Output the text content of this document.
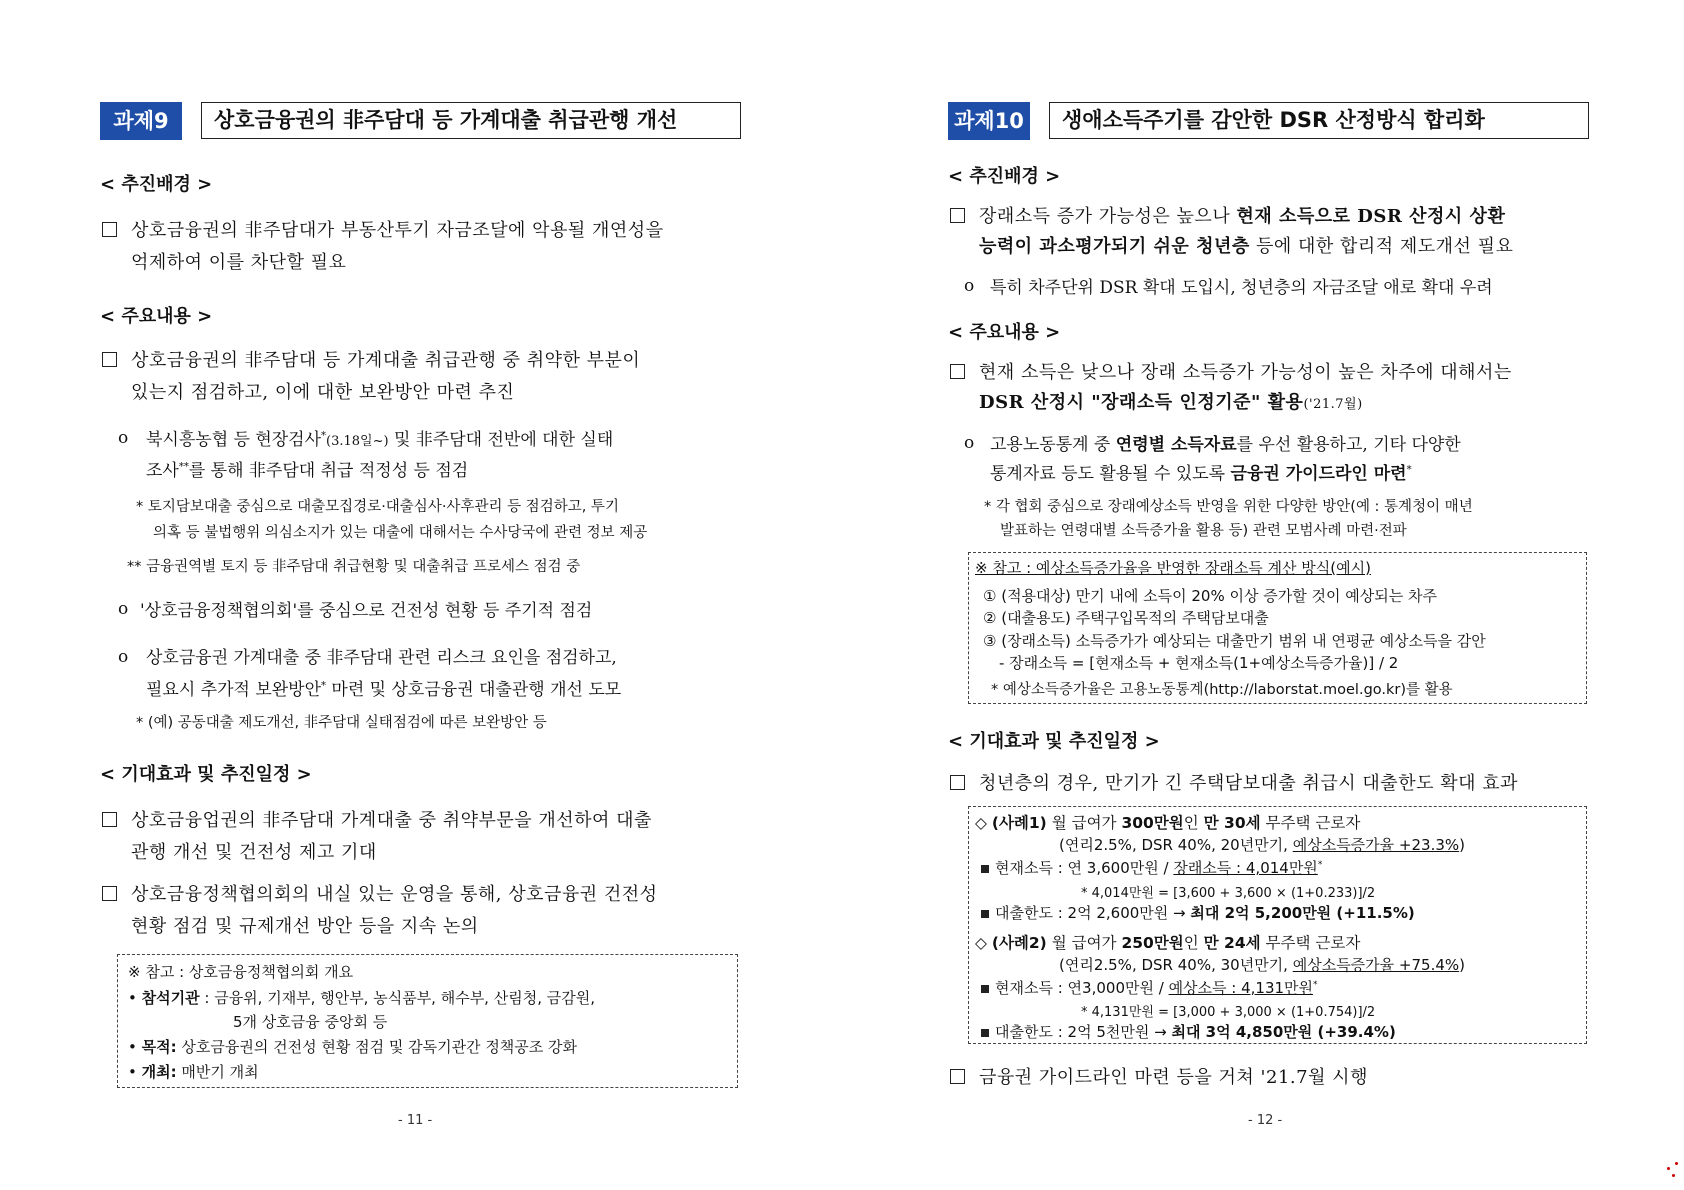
과제9	상호금융권의 非주담대 등 가계대출 취급관행 개선
< 추진배경 >
상호금융권의 非주담대가 부동산투기 자금조달에 악용될 개연성을
억제하여 이를 차단할 필요
< 주요내용 >
상호금융권의 非주담대 등 가계대출 취급관행 중 취약한 부분이
있는지 점검하고, 이에 대한 보완방안 마련 추진
o 북시흥농협 등 현장검사*(3.18일~) 및 非주담대 전반에 대한 실태
조사**를 통해 非주담대 취급 적정성 등 점검
* 토지담보대출 중심으로 대출모집경로·대출심사·사후관리 등 점검하고, 투기
의혹 등 불법행위 의심소지가 있는 대출에 대해서는 수사당국에 관련 정보 제공
** 금융권역별 토지 등 非주담대 취급현황 및 대출취급 프로세스 점검 중
o '상호금융정책협의회'를 중심으로 건전성 현황 등 주기적 점검
o 상호금융권 가계대출 중 非주담대 관련 리스크 요인을 점검하고,
필요시 추가적 보완방안* 마련 및 상호금융권 대출관행 개선 도모
* (예) 공동대출 제도개선, 非주담대 실태점검에 따른 보완방안 등
< 기대효과 및 추진일정 >
상호금융업권의 非주담대 가계대출 중 취약부문을 개선하여 대출
관행 개선 및 건전성 제고 기대
상호금융정책협의회의 내실 있는 운영을 통해, 상호금융권 건전성
현황 점검 및 규제개선 방안 등을 지속 논의
※ 참고 : 상호금융정책협의회 개요
• 참석기관 : 금융위, 기재부, 행안부, 농식품부, 해수부, 산림청, 금감원,
5개 상호금융 중앙회 등
• 목적: 상호금융권의 건전성 현황 점검 및 감독기관간 정책공조 강화
• 개최: 매반기 개최
- 11 -
과제10	생애소득주기를 감안한 DSR 산정방식 합리화
< 추진배경 >
장래소득 증가 가능성은 높으나 현재 소득으로 DSR 산정시 상환
능력이 과소평가되기 쉬운 청년층 등에 대한 합리적 제도개선 필요
o 특히 차주단위 DSR 확대 도입시, 청년층의 자금조달 애로 확대 우려
< 주요내용 >
현재 소득은 낮으나 장래 소득증가 가능성이 높은 차주에 대해서는
DSR 산정시 "장래소득 인정기준" 활용('21.7월)
o 고용노동통계 중 연령별 소득자료를 우선 활용하고, 기타 다양한
통계자료 등도 활용될 수 있도록 금융권 가이드라인 마련*
* 각 협회 중심으로 장래예상소득 반영을 위한 다양한 방안(예 : 통계청이 매년
발표하는 연령대별 소득증가율 활용 등) 관련 모범사례 마련·전파
※ 참고 : 예상소득증가율을 반영한 장래소득 계산 방식(예시)
① (적용대상) 만기 내에 소득이 20% 이상 증가할 것이 예상되는 차주
② (대출용도) 주택구입목적의 주택담보대출
③ (장래소득) 소득증가가 예상되는 대출만기 범위 내 연평균 예상소득을 감안
- 장래소득 = [현재소득 + 현재소득(1+예상소득증가율)] / 2
* 예상소득증가율은 고용노동통계(http://laborstat.moel.go.kr)를 활용
< 기대효과 및 추진일정 >
청년층의 경우, 만기가 긴 주택담보대출 취급시 대출한도 확대 효과
◇ (사례1) 월 급여가 300만원인 만 30세 무주택 근로자
(연리2.5%, DSR 40%, 20년만기, 예상소득증가율 +23.3%)
현재소득 : 연 3,600만원 / 장래소득 : 4,014만원*
* 4,014만원 = [3,600 + 3,600 × (1+0.233)]/2
대출한도 : 2억 2,600만원 → 최대 2억 5,200만원 (+11.5%)
◇ (사례2) 월 급여가 250만원인 만 24세 무주택 근로자
(연리2.5%, DSR 40%, 30년만기, 예상소득증가율 +75.4%)
현재소득 : 연3,000만원 / 예상소득 : 4,131만원*
* 4,131만원 = [3,000 + 3,000 × (1+0.754)]/2
대출한도 : 2억 5천만원 → 최대 3억 4,850만원 (+39.4%)
금융권 가이드라인 마련 등을 거쳐 '21.7월 시행
- 12 -
